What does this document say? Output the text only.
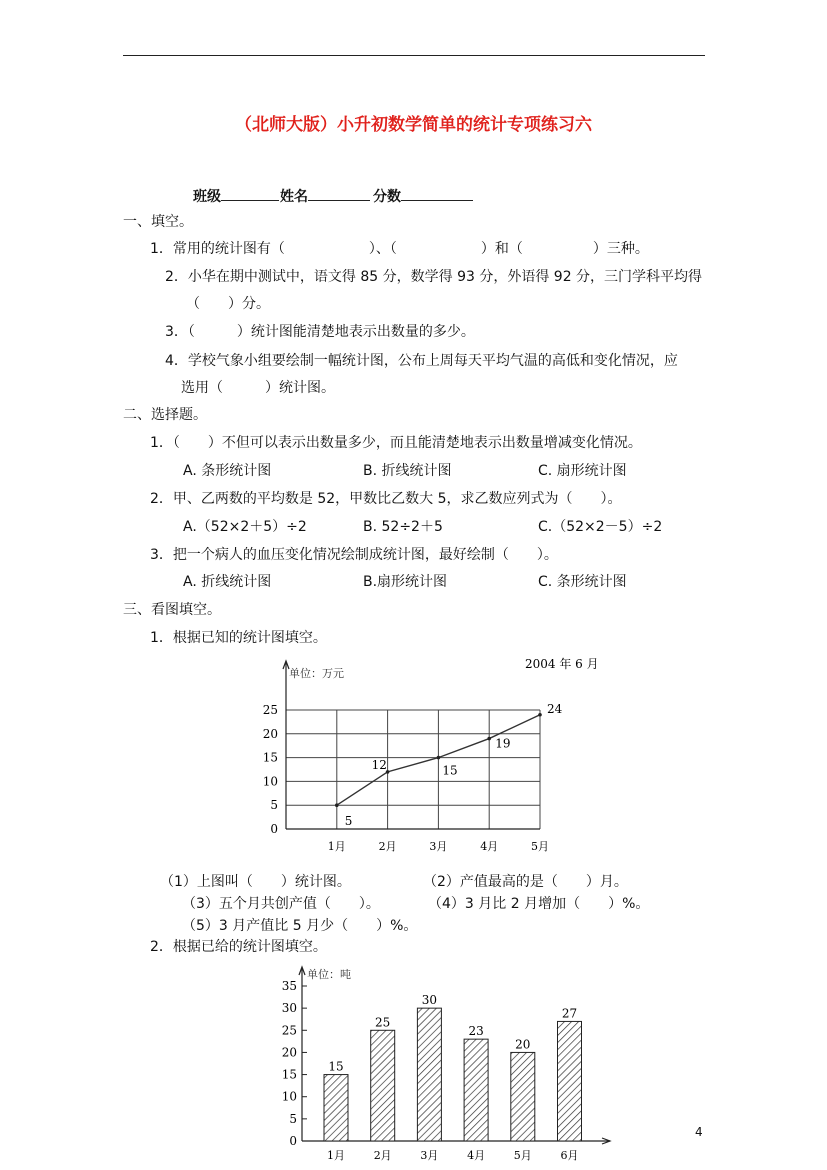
（北师大版）小升初数学简单的统计专项练习六
班级	姓名	分数
一、填空。
1．常用的统计图有（　　　　　　）、（　　　　　　）和（　　　　　）三种。
2．小华在期中测试中，语文得 85 分，数学得 93 分，外语得 92 分，三门学科平均得
（　　）分。
3．（　　　）统计图能清楚地表示出数量的多少。
4．学校气象小组要绘制一幅统计图，公布上周每天平均气温的高低和变化情况，应
选用（　　　）统计图。
二、选择题。
1．（　　）不但可以表示出数量多少，而且能清楚地表示出数量增减变化情况。
A. 条形统计图	B. 折线统计图	C. 扇形统计图
2．甲、乙两数的平均数是 52，甲数比乙数大 5，求乙数应列式为（　　）。
A.（52×2＋5）÷2	B. 52÷2＋5	C.（52×2－5）÷2
3．把一个病人的血压变化情况绘制成统计图，最好绘制（　　）。
A. 折线统计图	B.扇形统计图	C. 条形统计图
三、看图填空。
1．根据已知的统计图填空。
0
5
10
15
20
25
1月	2月	3月	4月	5月
单位：万元
2004 年 6 月
5
12	15
19
24
（1）上图叫（　　）统计图。	（2）产值最高的是（　　）月。
（3）五个月共创产值（　　）。	（4）3 月比 2 月增加（　　）%。
（5）3 月产值比 5 月少（　　）%。
2．根据已给的统计图填空。
0
5
10
15
20
25
30
35
单位：吨
15
1月
25
2月
30
3月
23
4月
20
5月
27
6月
4
